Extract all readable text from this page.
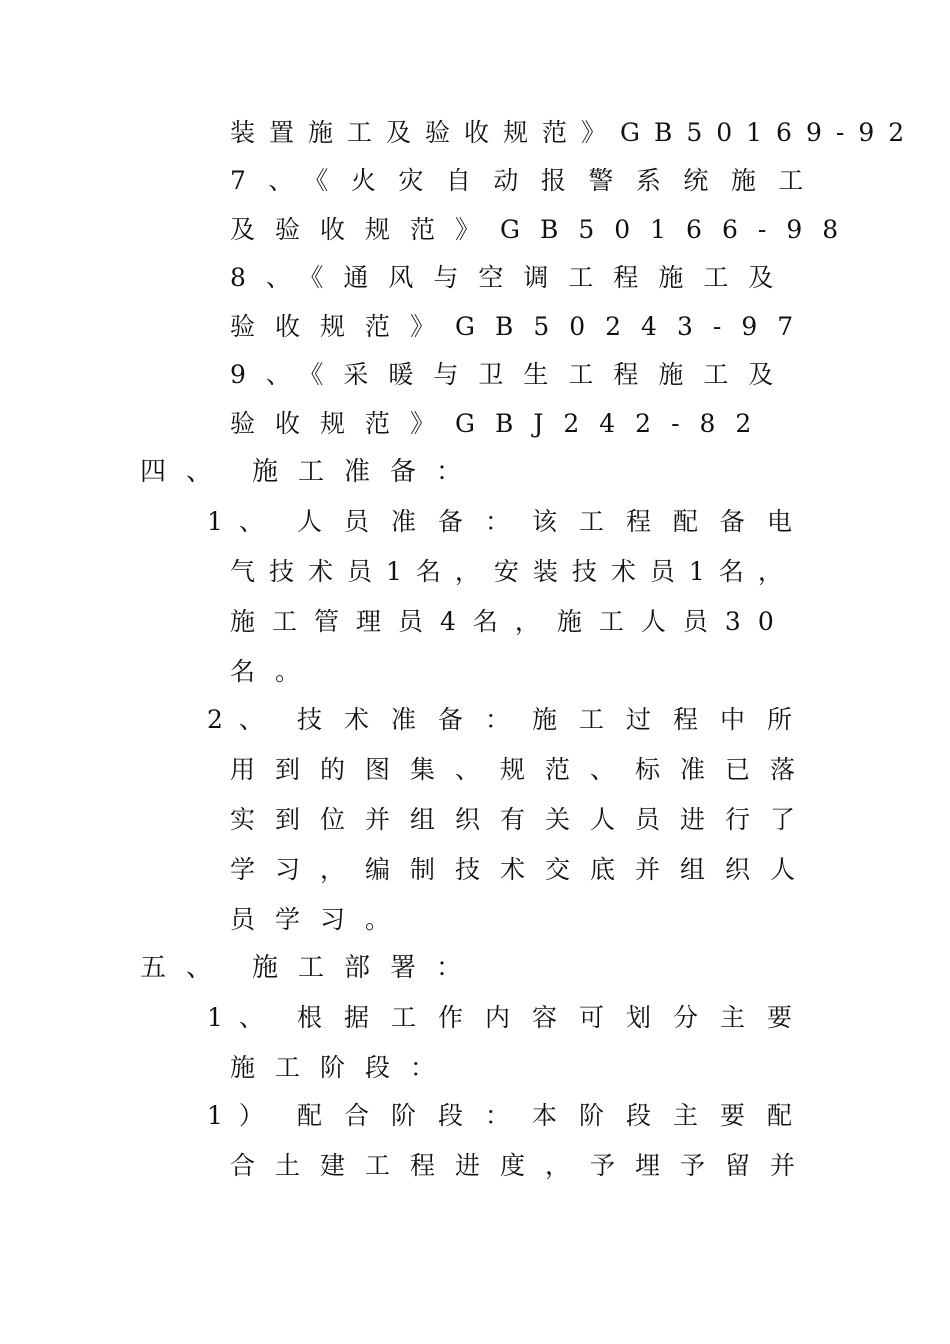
装置施工及验收规范》GB50169-92
7、《火灾自动报警系统施工
及验收规范》GB50166-98
8、《通风与空调工程施工及
验收规范》GB50243-97
9、《采暖与卫生工程施工及
验收规范》GBJ242-82
四、 施工准备：
1、 人员准备：该工程配备电
气技术员1名，安装技术员1名，
施工管理员4名，施工人员30
名。
2、 技术准备：施工过程中所
用到的图集、规范、标准已落
实到位并组织有关人员进行了
学习，编制技术交底并组织人
员学习。
五、 施工部署：
1、 根据工作内容可划分主要
施工阶段：
1） 配合阶段：本阶段主要配
合土建工程进度，予埋予留并
